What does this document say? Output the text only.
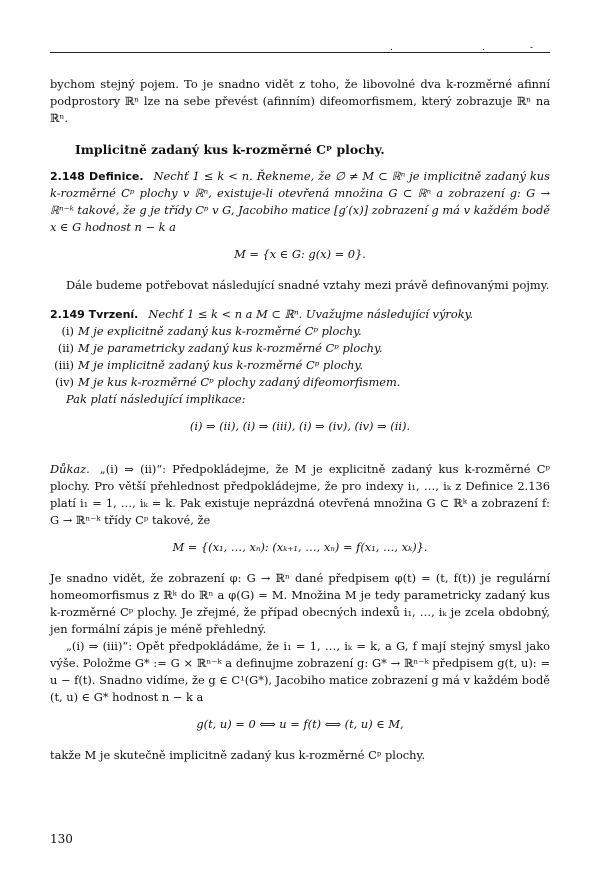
.	.	-

bychom stejný pojem. To je snadno vidět z toho, že libovolné dva k-rozměrné afinní podprostory ℝⁿ lze na sebe převést (afinním) difeomorfismem, který zobrazuje ℝⁿ na ℝⁿ.

Implicitně zadaný kus k-rozměrné Cᵖ plochy.

2.148 Definice. Nechť 1 ≤ k < n. Řekneme, že ∅ ≠ M ⊂ ℝⁿ je implicitně zadaný kus k-rozměrné Cᵖ plochy v ℝⁿ, existuje-li otevřená množina G ⊂ ℝⁿ a zobrazení g: G → ℝⁿ⁻ᵏ takové, že g je třídy Cᵖ v G, Jacobiho matice [g′(x)] zobrazení g má v každém bodě x ∈ G hodnost n − k a

M = {x ∈ G: g(x) = 0}.

Dále budeme potřebovat následující snadné vztahy mezi právě definovanými pojmy.

2.149 Tvrzení. Nechť 1 ≤ k < n a M ⊂ ℝⁿ. Uvažujme následující výroky.

(i) M je explicitně zadaný kus k-rozměrné Cᵖ plochy.
(ii) M je parametricky zadaný kus k-rozměrné Cᵖ plochy.
(iii) M je implicitně zadaný kus k-rozměrné Cᵖ plochy.
(iv) M je kus k-rozměrné Cᵖ plochy zadaný difeomorfismem.

Pak platí následující implikace:

(i) ⇒ (ii), (i) ⇒ (iii), (i) ⇒ (iv), (iv) ⇒ (ii).

Důkaz. „(i) ⇒ (ii)“: Předpokládejme, že M je explicitně zadaný kus k-rozměrné Cᵖ plochy. Pro větší přehlednost předpokládejme, že pro indexy i₁, …, iₖ z Definice 2.136 platí i₁ = 1, …, iₖ = k. Pak existuje neprázdná otevřená množina G ⊂ ℝᵏ a zobrazení f: G → ℝⁿ⁻ᵏ třídy Cᵖ takové, že

M = {(x₁, …, xₙ): (xₖ₊₁, …, xₙ) = f(x₁, …, xₖ)}.

Je snadno vidět, že zobrazení φ: G → ℝⁿ dané předpisem φ(t) = (t, f(t)) je regulární homeomorfismus z ℝᵏ do ℝⁿ a φ(G) = M. Množina M je tedy parametricky zadaný kus k-rozměrné Cᵖ plochy. Je zřejmé, že případ obecných indexů i₁, …, iₖ je zcela obdobný, jen formální zápis je méně přehledný.

„(i) ⇒ (iii)“: Opět předpokládáme, že i₁ = 1, …, iₖ = k, a G, f mají stejný smysl jako výše. Položme G* := G × ℝⁿ⁻ᵏ a definujme zobrazení g: G* → ℝⁿ⁻ᵏ předpisem g(t, u): = u − f(t). Snadno vidíme, že g ∈ C¹(G*), Jacobiho matice zobrazení g má v každém bodě (t, u) ∈ G* hodnost n − k a

g(t, u) = 0 ⟺ u = f(t) ⟺ (t, u) ∈ M,

takže M je skutečně implicitně zadaný kus k-rozměrné Cᵖ plochy.

130
